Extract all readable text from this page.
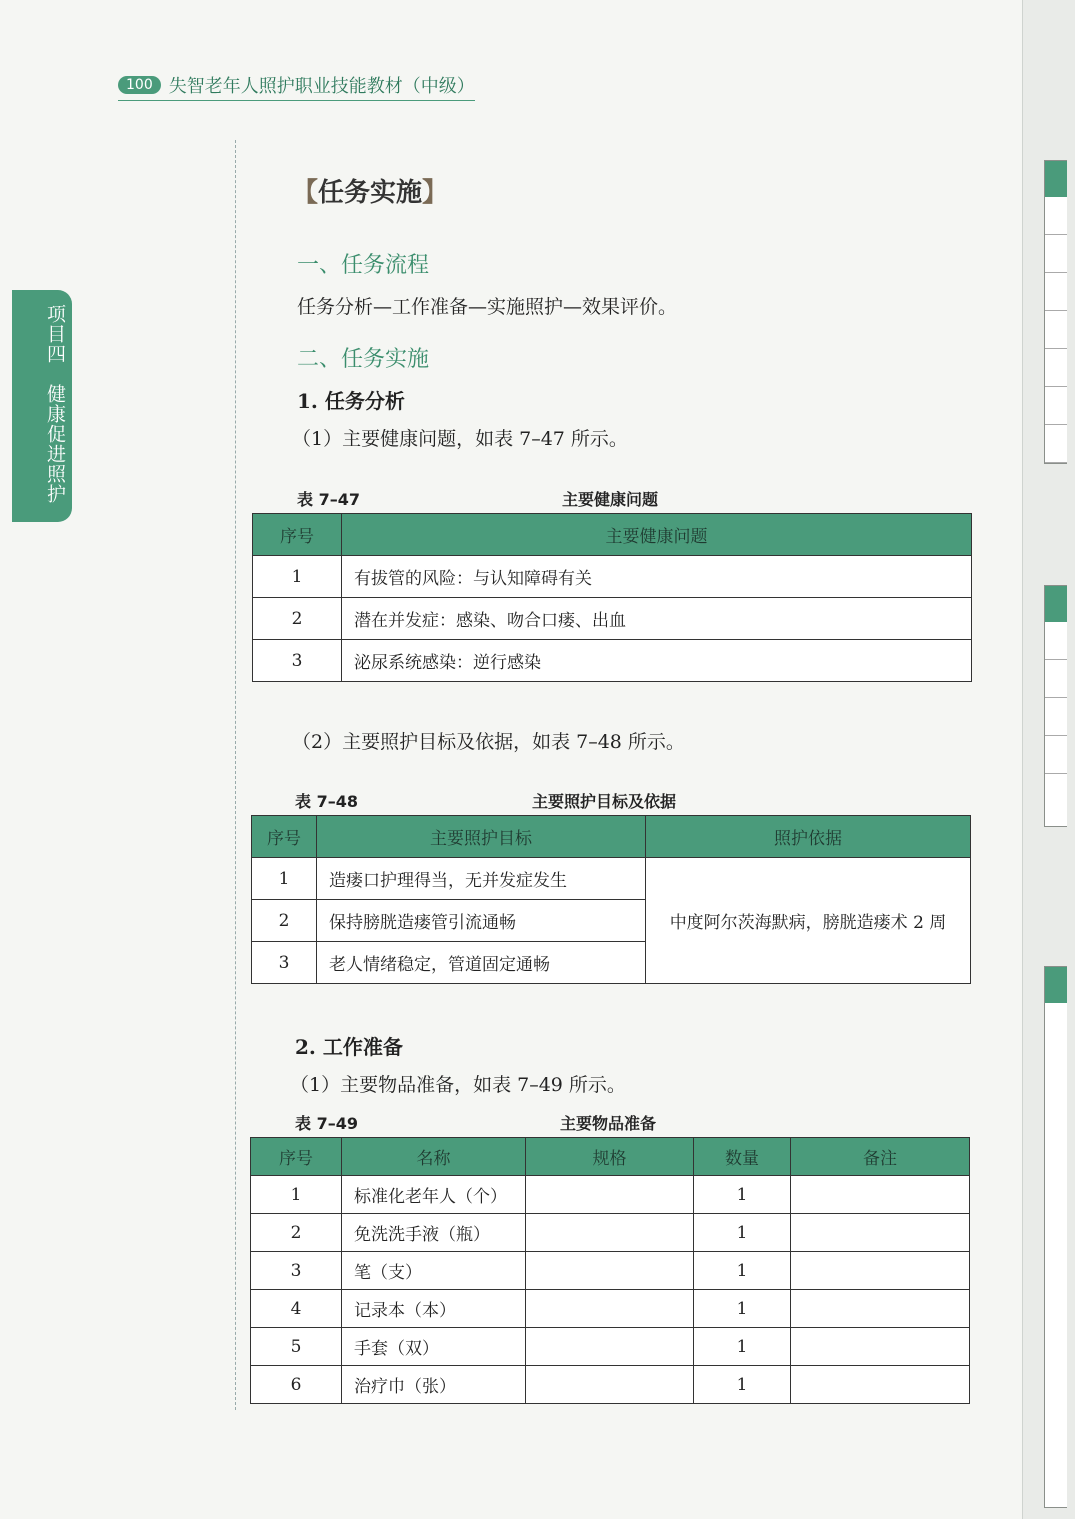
100 失智老年人照护职业技能教材（中级）
项目四　健康促进照护
【任务实施】
一、任务流程
任务分析—工作准备—实施照护—效果评价。
二、任务实施
1. 任务分析
（1）主要健康问题，如表 7–47 所示。
表 7–47	主要健康问题
序号	主要健康问题
1	有拔管的风险：与认知障碍有关
2	潜在并发症：感染、吻合口瘘、出血
3	泌尿系统感染：逆行感染
（2）主要照护目标及依据，如表 7–48 所示。
表 7–48	主要照护目标及依据
序号	主要照护目标	照护依据
1	造瘘口护理得当，无并发症发生	中度阿尔茨海默病，膀胱造瘘术 2 周
2	保持膀胱造瘘管引流通畅	
3	老人情绪稳定，管道固定通畅	
2. 工作准备
（1）主要物品准备，如表 7–49 所示。
表 7–49	主要物品准备
序号	名称	规格	数量	备注
1	标准化老年人（个）		1	
2	免洗洗手液（瓶）		1	
3	笔（支）		1	
4	记录本（本）		1	
5	手套（双）		1	
6	治疗巾（张）		1	
